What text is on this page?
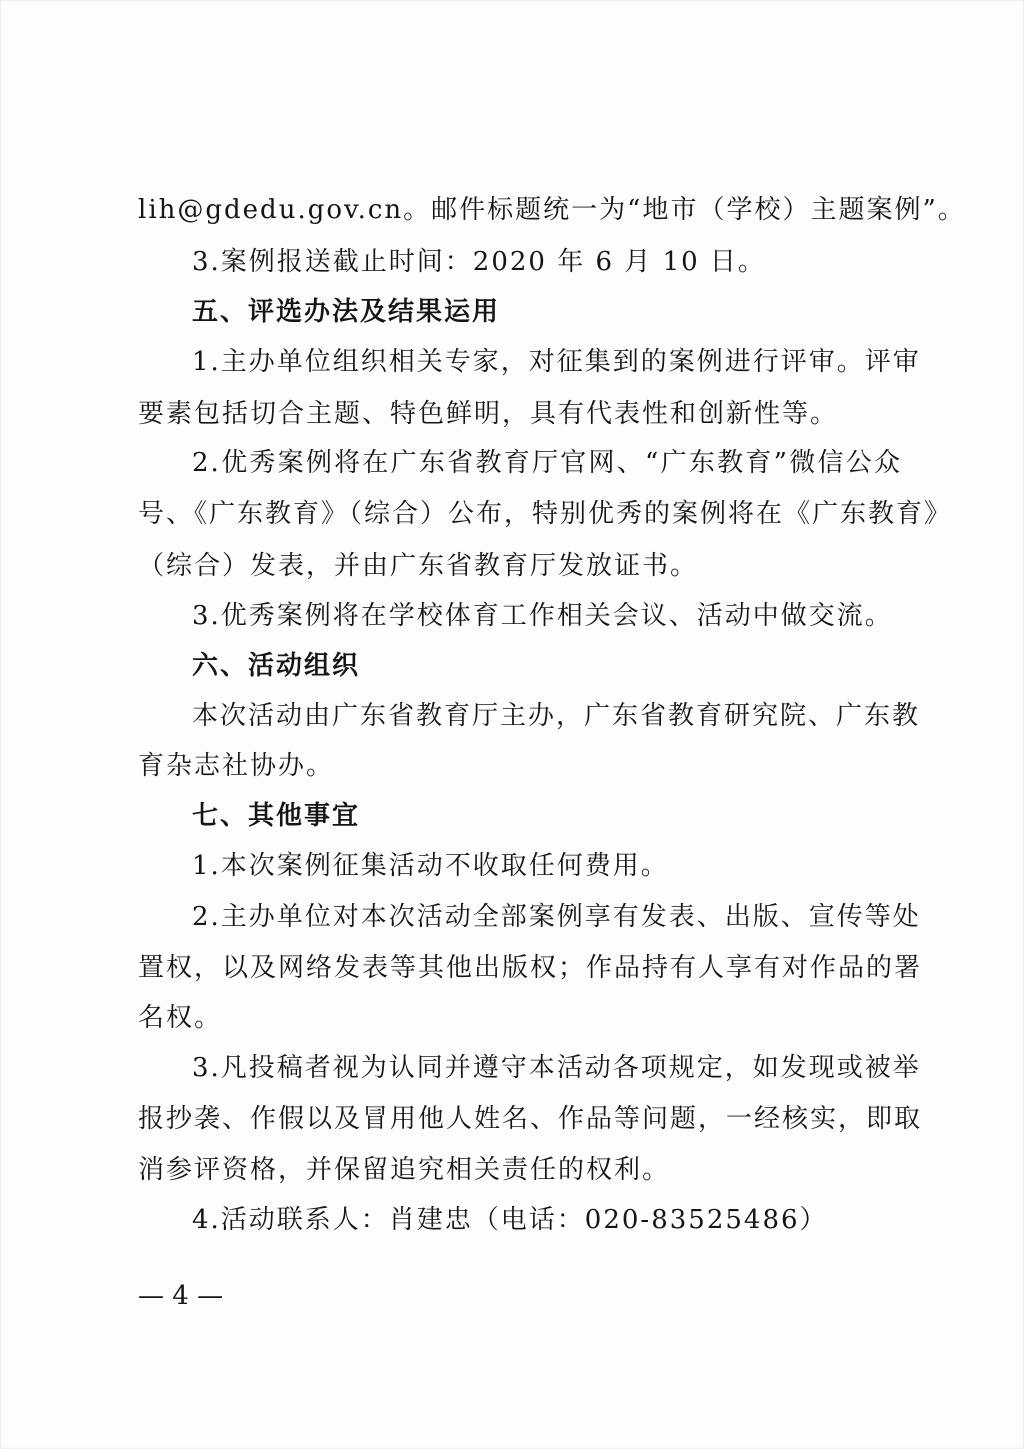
lih@gdedu.gov.cn。邮件标题统一为“地市（学校）主题案例”。
3.案例报送截止时间：2020 年 6 月 10 日。
五、评选办法及结果运用
1.主办单位组织相关专家，对征集到的案例进行评审。评审
要素包括切合主题、特色鲜明，具有代表性和创新性等。
2.优秀案例将在广东省教育厅官网、“广东教育”微信公众
号、《广东教育》（综合）公布，特别优秀的案例将在《广东教育》
（综合）发表，并由广东省教育厅发放证书。
3.优秀案例将在学校体育工作相关会议、活动中做交流。
六、活动组织
本次活动由广东省教育厅主办，广东省教育研究院、广东教
育杂志社协办。
七、其他事宜
1.本次案例征集活动不收取任何费用。
2.主办单位对本次活动全部案例享有发表、出版、宣传等处
置权，以及网络发表等其他出版权；作品持有人享有对作品的署
名权。
3.凡投稿者视为认同并遵守本活动各项规定，如发现或被举
报抄袭、作假以及冒用他人姓名、作品等问题，一经核实，即取
消参评资格，并保留追究相关责任的权利。
4.活动联系人：肖建忠（电话：020-83525486）
— 4 —
